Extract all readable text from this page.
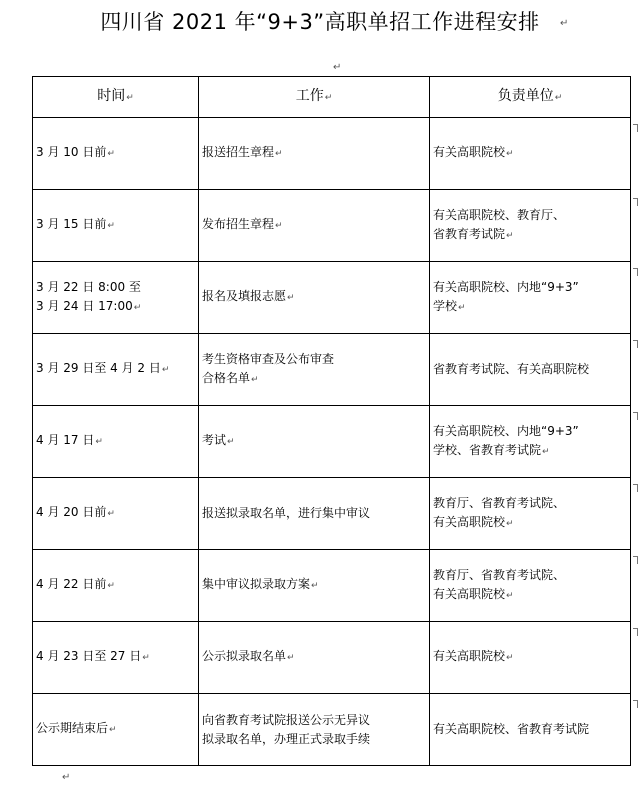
四川省 2021 年“9+3”高职单招工作进程安排	↵
↵
时间↵	工作↵	负责单位↵
3 月 10 日前↵	报送招生章程↵	有关高职院校↵
3 月 15 日前↵	发布招生章程↵	有关高职院校、教育厅、
省教育考试院↵
3 月 22 日 8:00 至
3 月 24 日 17:00↵	报名及填报志愿↵	有关高职院校、内地“9+3”
学校↵
3 月 29 日至 4 月 2 日↵	考生资格审查及公布审查
合格名单↵	省教育考试院、有关高职院校
4 月 17 日↵	考试↵	有关高职院校、内地“9+3”
学校、省教育考试院↵
4 月 20 日前↵	报送拟录取名单，进行集中审议	教育厅、省教育考试院、
有关高职院校↵
4 月 22 日前↵	集中审议拟录取方案↵	教育厅、省教育考试院、
有关高职院校↵
4 月 23 日至 27 日↵	公示拟录取名单↵	有关高职院校↵
公示期结束后↵	向省教育考试院报送公示无异议
拟录取名单，办理正式录取手续	有关高职院校、省教育考试院
↵
